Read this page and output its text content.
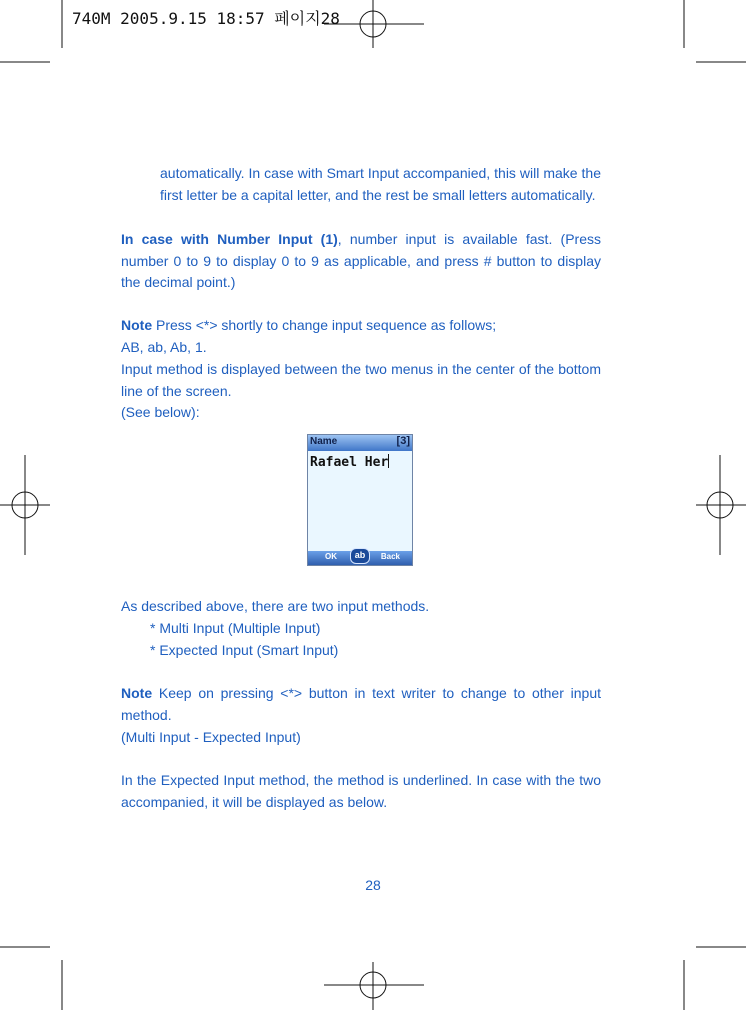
740M 2005.9.15 18:57 페이지28

automatically. In case with Smart Input accompanied, this will make the first letter be a capital letter, and the rest be small letters automatically.

In case with Number Input (1), number input is available fast. (Press number 0 to 9 to display 0 to 9 as applicable, and press # button to display the decimal point.)

Note Press <*> shortly to change input sequence as follows;

AB, ab, Ab, 1.

Input method is displayed between the two menus in the center of the bottom line of the screen.

(See below):

As described above, there are two input methods.

* Multi Input (Multiple Input)

* Expected Input (Smart Input)

Note Keep on pressing <*> button in text writer to change to other input method.

(Multi Input - Expected Input)

In the Expected Input method, the method is underlined. In case with the two accompanied, it will be displayed as below.

Name	[3]
Rafael Her
OK	ab	Back
28
